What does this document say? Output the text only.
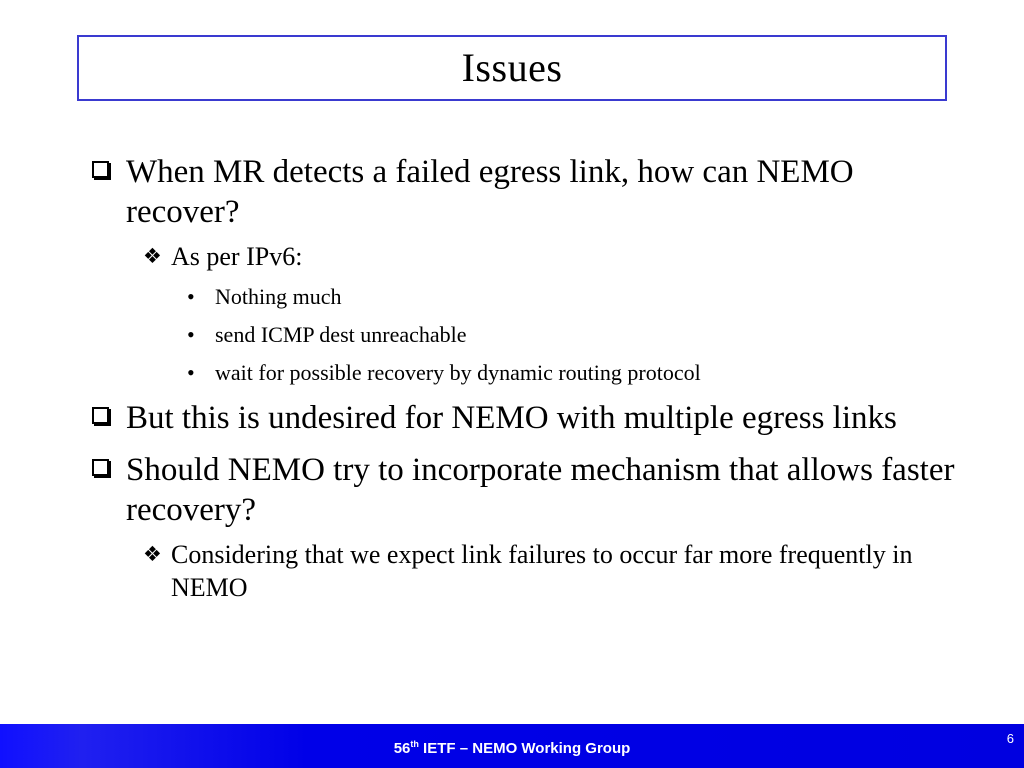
Issues
When MR detects a failed egress link, how can NEMO recover?
❖ As per IPv6:
• Nothing much
• send ICMP dest unreachable
• wait for possible recovery by dynamic routing protocol
But this is undesired for NEMO with multiple egress links
Should NEMO try to incorporate mechanism that allows faster recovery?
❖ Considering that we expect link failures to occur far more frequently in NEMO
56th IETF – NEMO Working Group
6
